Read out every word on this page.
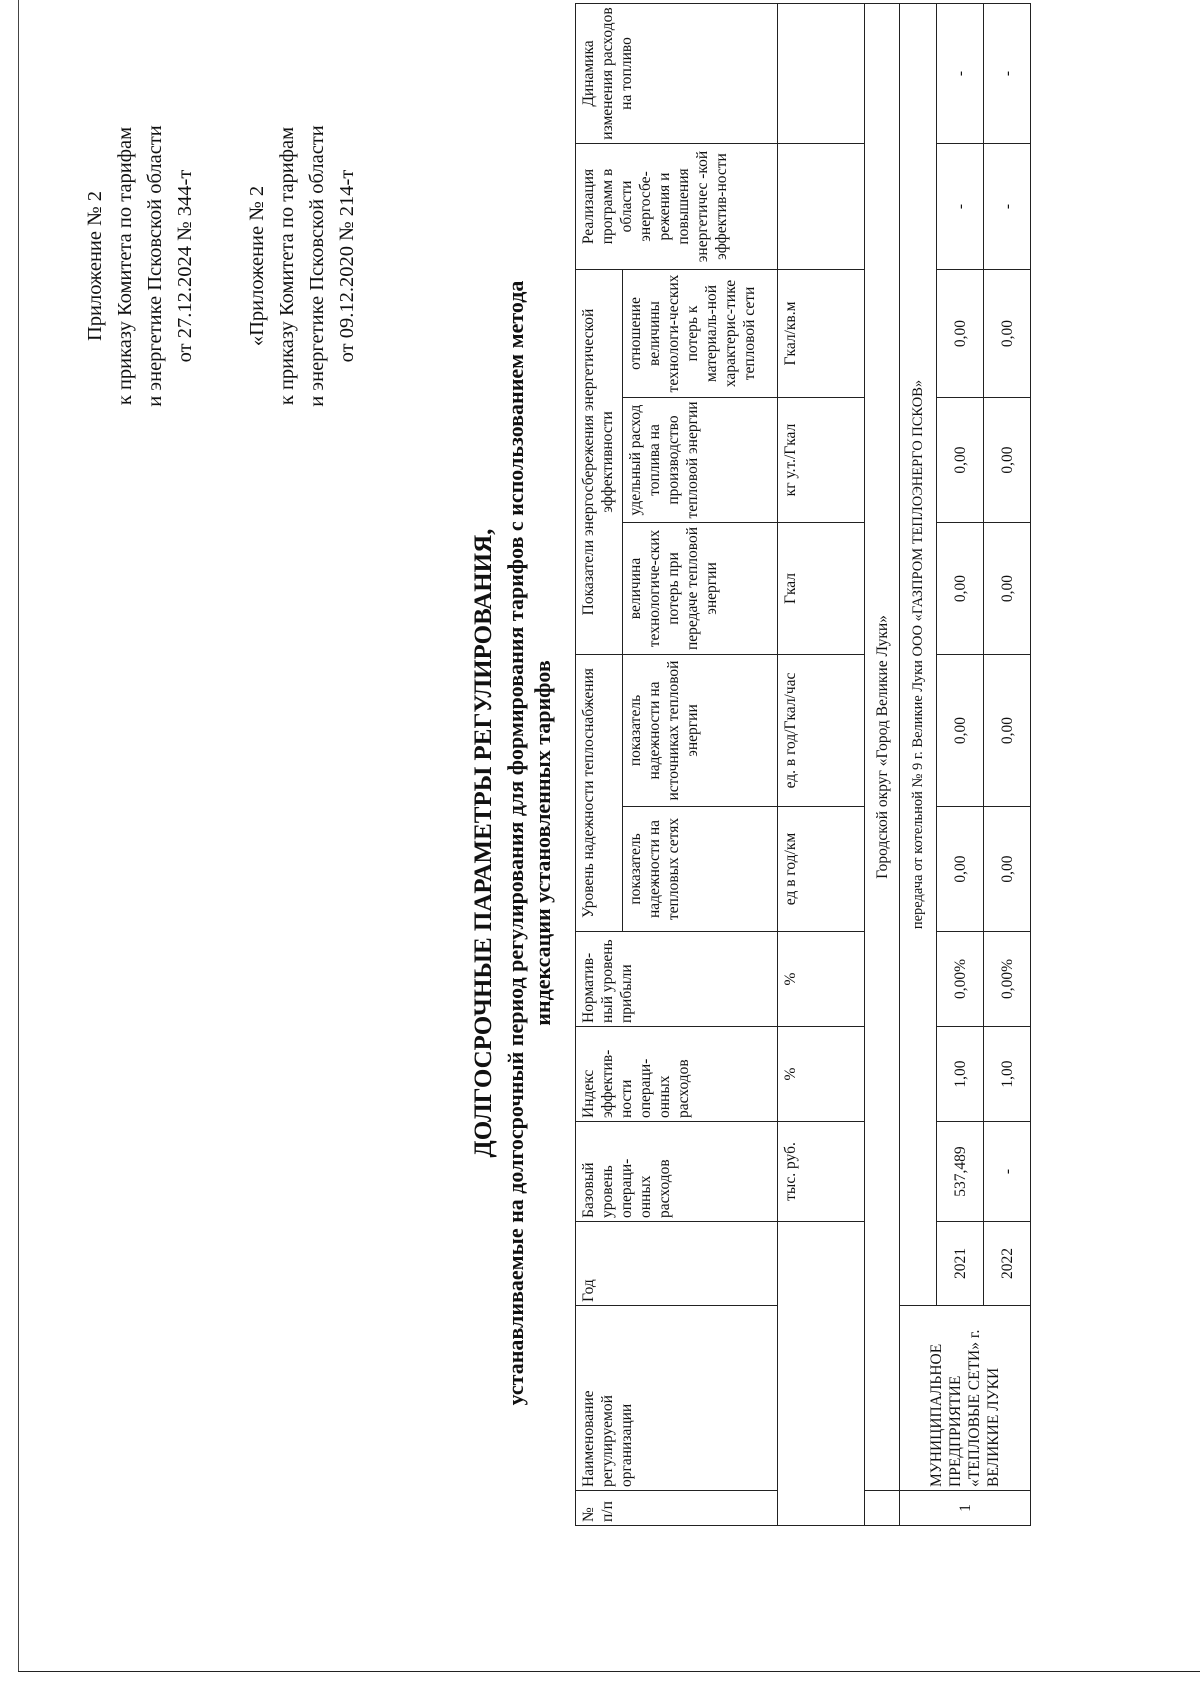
Приложение № 2 к приказу Комитета по тарифам и энергетике Псковской области от 27.12.2024 № 344-т «Приложение № 2 к приказу Комитета по тарифам и энергетике Псковской области от 09.12.2020 № 214-т
ДОЛГОСРОЧНЫЕ ПАРАМЕТРЫ РЕГУЛИРОВАНИЯ, устанавливаемые на долгосрочный период регулирования для формирования тарифов с использованием метода индексации установленных тарифов
№ п/п	Наименование регулируемой организации	Год	Базовый уровень операци-онных расходов	Индекс эффектив-ности операци-онных расходов	Норматив-ный уровень прибыли	Уровень надежности теплоснабжения		Показатели энергосбережения энергетической эффективности			Реализация программ в области энергосбе-режения и повышения энергетичес -кой эффектив-ности	Динамика изменения расходов на топливо
						показатель надежности на тепловых сетях	показатель надежности на источниках тепловой энергии	величина технологиче-ских потерь при передаче тепловой энергии	удельный расход топлива на производство тепловой энергии	отношение величины технологи-ческих потерь к материаль-ной характерис-тике тепловой сети		
			тыс. руб.	%	%	ед в год/км	ед. в год/Гкал/час	Гкал	кг у.т./Гкал	Гкал/кв.м		
	Городской округ «Город Великие Луки»											
1	МУНИЦИПАЛЬНОЕ ПРЕДПРИЯТИЕ «ТЕПЛОВЫЕ СЕТИ» г. ВЕЛИКИЕ ЛУКИ	передача от котельной № 9 г. Великие Луки ООО «ГАЗПРОМ ТЕПЛОЭНЕРГО ПСКОВ»										
		2021	537,489	1,00	0,00%	0,00	0,00	0,00	0,00	0,00	-	-
		2022	-	1,00	0,00%	0,00	0,00	0,00	0,00	0,00	-	-
